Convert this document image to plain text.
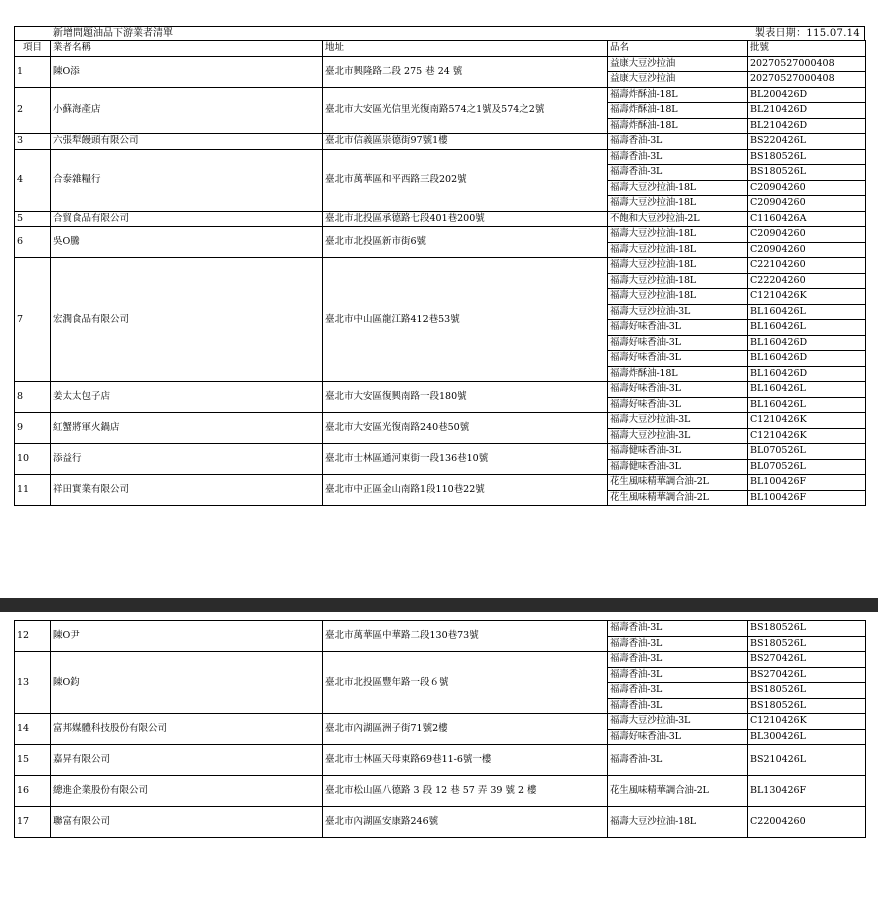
新增問題油品下游業者清單	製表日期：115.07.14
項目	業者名稱	地址	品名	批號
1	陳O添	臺北市興隆路二段 275 巷 24 號	益康大豆沙拉油	20270527000408
			益康大豆沙拉油	20270527000408
2	小蘇海產店	臺北市大安區光信里光復南路574之1號及574之2號	福壽炸酥油-18L	BL200426D
			福壽炸酥油-18L	BL210426D
			福壽炸酥油-18L	BL210426D
3	六張犁饅頭有限公司	臺北市信義區崇德街97號1樓	福壽香油-3L	BS220426L
4	合泰雜糧行	臺北市萬華區和平西路三段202號	福壽香油-3L	BS180526L
			福壽香油-3L	BS180526L
			福壽大豆沙拉油-18L	C20904260
			福壽大豆沙拉油-18L	C20904260
5	合貿食品有限公司	臺北市北投區承德路七段401巷200號	不飽和大豆沙拉油-2L	C1160426A
6	吳O騰	臺北市北投區新市街6號	福壽大豆沙拉油-18L	C20904260
			福壽大豆沙拉油-18L	C20904260
7	宏潤食品有限公司	臺北市中山區龍江路412巷53號	福壽大豆沙拉油-18L	C22104260
			福壽大豆沙拉油-18L	C22204260
			福壽大豆沙拉油-18L	C1210426K
			福壽大豆沙拉油-3L	BL160426L
			福壽好味香油-3L	BL160426L
			福壽好味香油-3L	BL160426D
			福壽好味香油-3L	BL160426D
			福壽炸酥油-18L	BL160426D
8	姜太太包子店	臺北市大安區復興南路一段180號	福壽好味香油-3L	BL160426L
			福壽好味香油-3L	BL160426L
9	紅蟹將軍火鍋店	臺北市大安區光復南路240巷50號	福壽大豆沙拉油-3L	C1210426K
			福壽大豆沙拉油-3L	C1210426K
10	添益行	臺北市士林區通河東街一段136巷10號	福壽健味香油-3L	BL070526L
			福壽健味香油-3L	BL070526L
11	祥田實業有限公司	臺北市中正區金山南路1段110巷22號	花生風味精華調合油-2L	BL100426F
			花生風味精華調合油-2L	BL100426F
12	陳O尹	臺北市萬華區中華路二段130巷73號	福壽香油-3L	BS180526L
			福壽香油-3L	BS180526L
13	陳O鈞	臺北市北投區豐年路一段６號	福壽香油-3L	BS270426L
			福壽香油-3L	BS270426L
			福壽香油-3L	BS180526L
			福壽香油-3L	BS180526L
14	富邦媒體科技股份有限公司	臺北市內湖區洲子街71號2樓	福壽大豆沙拉油-3L	C1210426K
			福壽好味香油-3L	BL300426L
15	嘉昇有限公司	臺北市士林區天母東路69巷11-6號一樓	福壽香油-3L	BS210426L
16	總進企業股份有限公司	臺北市松山區八德路 3 段 12 巷 57 弄 39 號 2 樓	花生風味精華調合油-2L	BL130426F
17	聯富有限公司	臺北市內湖區安康路246號	福壽大豆沙拉油-18L	C22004260
